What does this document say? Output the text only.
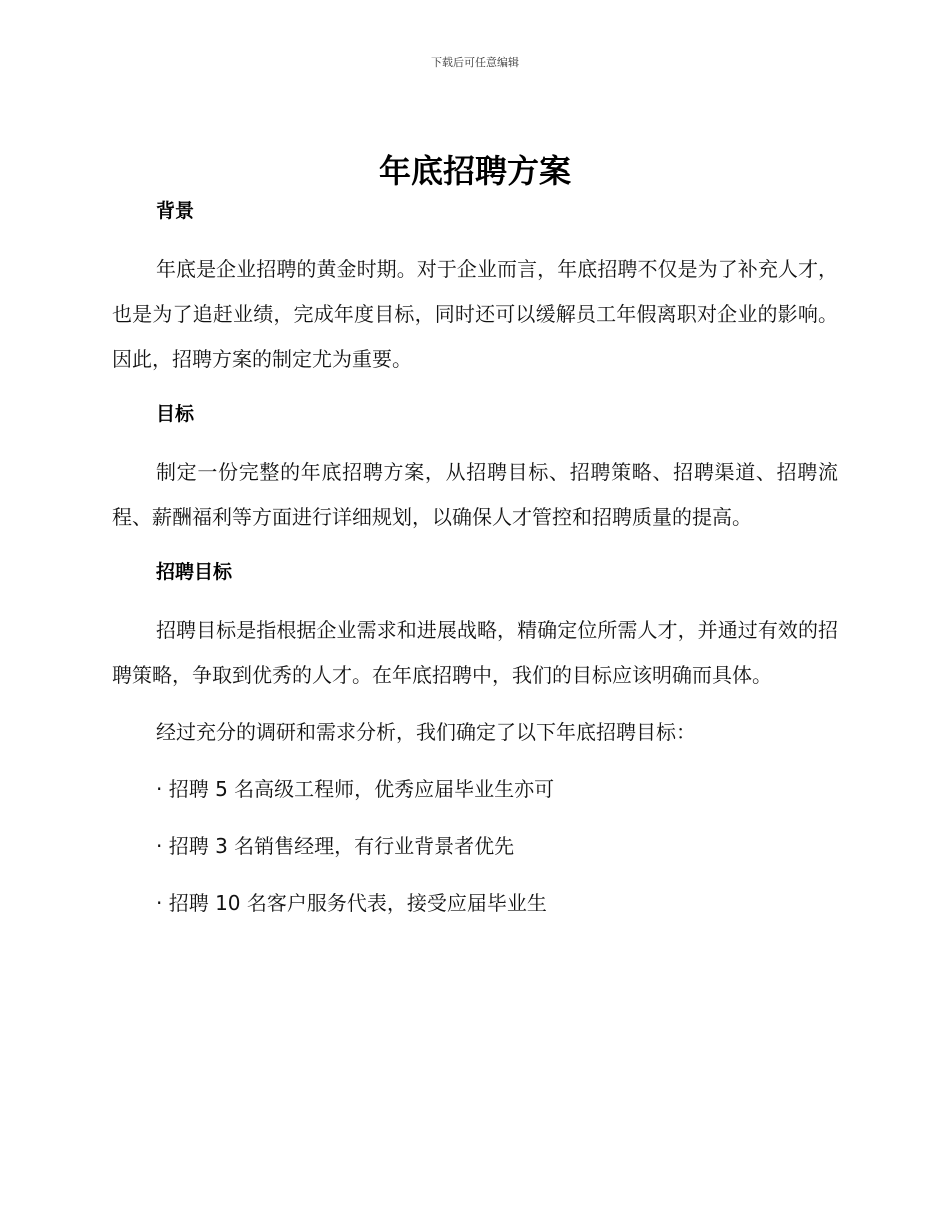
下载后可任意编辑
年底招聘方案
背景

年底是企业招聘的黄金时期。对于企业而言，年底招聘不仅是为了补充人才，也是为了追赶业绩，完成年度目标，同时还可以缓解员工年假离职对企业的影响。因此，招聘方案的制定尤为重要。

目标

制定一份完整的年底招聘方案，从招聘目标、招聘策略、招聘渠道、招聘流程、薪酬福利等方面进行详细规划，以确保人才管控和招聘质量的提高。

招聘目标

招聘目标是指根据企业需求和进展战略，精确定位所需人才，并通过有效的招聘策略，争取到优秀的人才。在年底招聘中，我们的目标应该明确而具体。

经过充分的调研和需求分析，我们确定了以下年底招聘目标：

· 招聘 5 名高级工程师，优秀应届毕业生亦可

· 招聘 3 名销售经理，有行业背景者优先

· 招聘 10 名客户服务代表，接受应届毕业生
